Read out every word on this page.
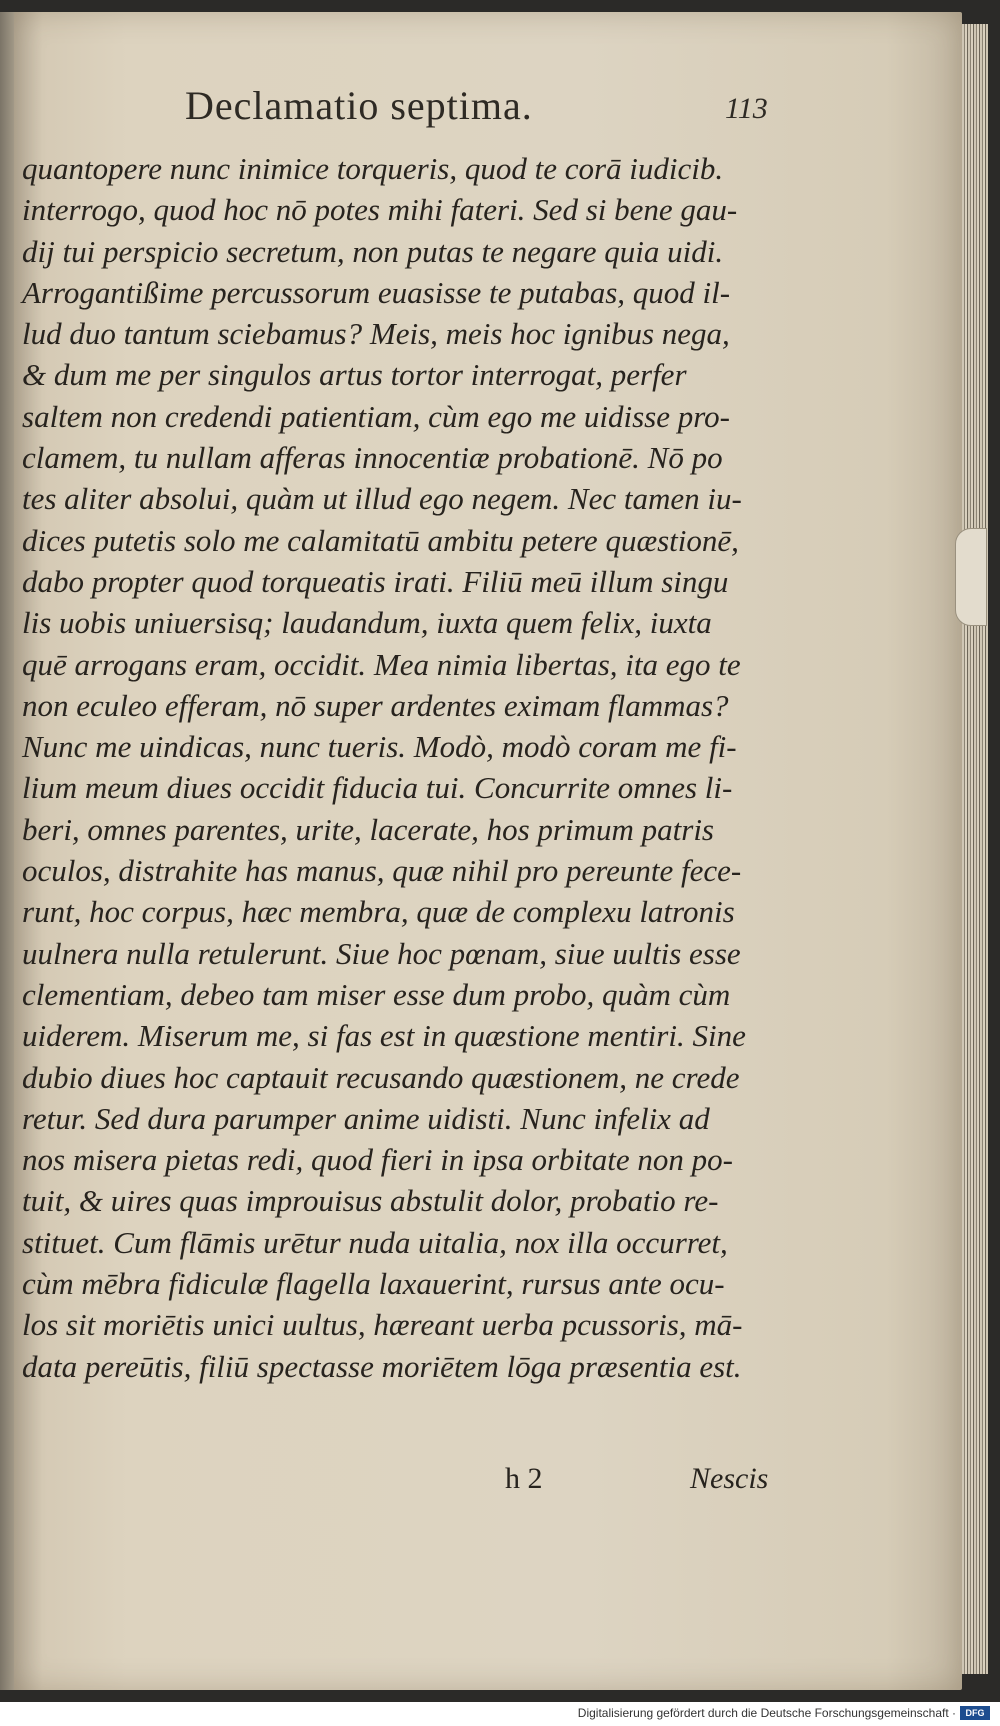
Declamatio septima.	113
quantopere nunc inimice torqueris, quod te corā iudicib.
interrogo, quod hoc nō potes mihi fateri. Sed si bene gau-
dij tui perspicio secretum, non putas te negare quia uidi.
Arrogantißime percussorum euasisse te putabas, quod il-
lud duo tantum sciebamus? Meis, meis hoc ignibus nega,
& dum me per singulos artus tortor interrogat, perfer
saltem non credendi patientiam, cùm ego me uidisse pro-
clamem, tu nullam afferas innocentiæ probationē. Nō po
tes aliter absolui, quàm ut illud ego negem. Nec tamen iu-
dices putetis solo me calamitatū ambitu petere quæstionē,
dabo propter quod torqueatis irati. Filiū meū illum singu
lis uobis uniuersisq; laudandum, iuxta quem felix, iuxta
quē arrogans eram, occidit. Mea nimia libertas, ita ego te
non eculeo efferam, nō super ardentes eximam flammas?
Nunc me uindicas, nunc tueris. Modò, modò coram me fi-
lium meum diues occidit fiducia tui. Concurrite omnes li-
beri, omnes parentes, urite, lacerate, hos primum patris
oculos, distrahite has manus, quæ nihil pro pereunte fece-
runt, hoc corpus, hæc membra, quæ de complexu latronis
uulnera nulla retulerunt. Siue hoc pœnam, siue uultis esse
clementiam, debeo tam miser esse dum probo, quàm cùm
uiderem. Miserum me, si fas est in quæstione mentiri. Sine
dubio diues hoc captauit recusando quæstionem, ne crede
retur. Sed dura parumper anime uidisti. Nunc infelix ad
nos misera pietas redi, quod fieri in ipsa orbitate non po-
tuit, & uires quas improuisus abstulit dolor, probatio re-
stituet. Cum flāmis urētur nuda uitalia, nox illa occurret,
cùm mēbra fidiculæ flagella laxauerint, rursus ante ocu-
los sit moriētis unici uultus, hæreant uerba pcussoris, mā-
data pereūtis, filiū spectasse moriētem lōga præsentia est.
h 2	Nescis
Digitalisierung gefördert durch die Deutsche Forschungsgemeinschaft ·	DFG
